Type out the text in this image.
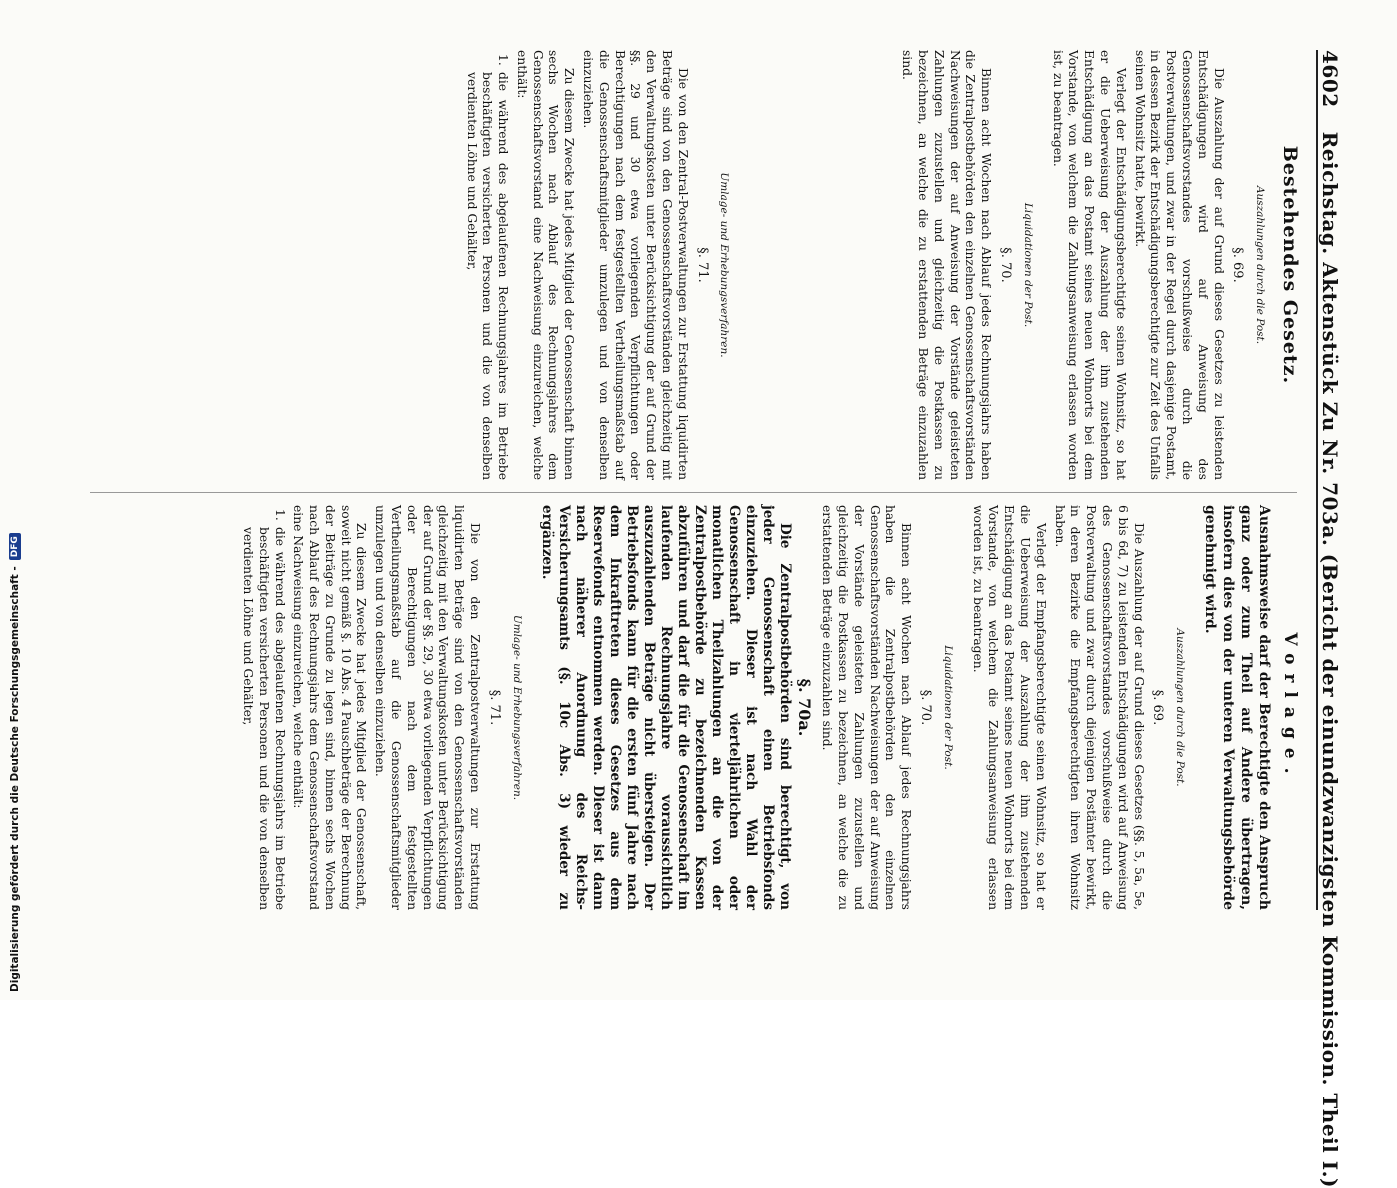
4602
Reichstag. Aktenstück Zu Nr. 703a. (Bericht der einundzwanzigsten Kommission. Theil I.)
Bestehendes Gesetz.
Auszahlungen durch die Post.
§. 69.

Die Auszahlung der auf Grund dieses Gesetzes zu leistenden Entschädigungen wird auf Anweisung des Genossenschaftsvorstandes vorschußweise durch die Postverwaltungen, und zwar in der Regel durch dasjenige Postamt, in dessen Bezirk der Entschädigungsberechtigte zur Zeit des Unfalls seinen Wohnsitz hatte, bewirkt.

Verlegt der Entschädigungsberechtigte seinen Wohnsitz, so hat er die Ueberweisung der Auszahlung der ihm zustehenden Entschädigung an das Postamt seines neuen Wohnorts bei dem Vorstande, von welchem die Zahlungsanweisung erlassen worden ist, zu beantragen.

Liquidationen der Post.
§. 70.

Binnen acht Wochen nach Ablauf jedes Rechnungsjahrs haben die Zentralpostbehörden den einzelnen Genossenschaftsvorständen Nachweisungen der auf Anweisung der Vorstände geleisteten Zahlungen zuzustellen und gleichzeitig die Postkassen zu bezeichnen, an welche die zu erstattenden Beträge einzuzahlen sind.

Umlage- und Erhebungsverfahren.
§. 71.

Die von den Zentral-Postverwaltungen zur Erstattung liquidirten Beträge sind von den Genossenschaftsvorständen gleichzeitig mit den Verwaltungskosten unter Berücksichtigung der auf Grund der §§. 29 und 30 etwa vorliegenden Verpflichtungen oder Berechtigungen nach dem festgestellten Vertheilungsmaßstab auf die Genossenschaftsmitglieder umzulegen und von denselben einzuziehen.

Zu diesem Zwecke hat jedes Mitglied der Genossenschaft binnen sechs Wochen nach Ablauf des Rechnungsjahres dem Genossenschaftsvorstand eine Nachweisung einzureichen, welche enthält:

1.
die während des abgelaufenen Rechnungsjahres im Betriebe beschäftigten versicherten Personen und die von denselben verdienten Löhne und Gehälter,

Vorlage.
Ausnahmsweise darf der Berechtigte den Anspruch ganz oder zum Theil auf Andere übertragen, insofern dies von der unteren Verwaltungsbehörde genehmigt wird.
Auszahlungen durch die Post.
§. 69.

Die Auszahlung der auf Grund dieses Gesetzes (§§. 5, 5a, 5e, 6 bis 6d, 7) zu leistenden Entschädigungen wird auf Anweisung des Genossenschaftsvorstandes vorschußweise durch die Postverwaltung und zwar durch diejenigen Postämter bewirkt, in deren Bezirke die Empfangsberechtigten ihren Wohnsitz haben.

Verlegt der Empfangsberechtigte seinen Wohnsitz, so hat er die Ueberweisung der Auszahlung der ihm zustehenden Entschädigung an das Postamt seines neuen Wohnorts bei dem Vorstande, von welchem die Zahlungsanweisung erlassen worden ist, zu beantragen.

Liquidationen der Post.
§. 70.

Binnen acht Wochen nach Ablauf jedes Rechnungsjahrs haben die Zentralpostbehörden den einzelnen Genossenschaftsvorständen Nachweisungen der auf Anweisung der Vorstände geleisteten Zahlungen zuzustellen und gleichzeitig die Postkassen zu bezeichnen, an welche die zu erstattenden Beträge einzuzahlen sind.

§. 70a.

Die Zentralpostbehörden sind berechtigt, von jeder Genossenschaft einen Betriebsfonds einzuziehen. Dieser ist nach Wahl der Genossenschaft in vierteljährlichen oder monatlichen Theilzahlungen an die von der Zentralpostbehörde zu bezeichnenden Kassen abzuführen und darf die für die Genossenschaft im laufenden Rechnungsjahre voraussichtlich auszuzahlenden Beträge nicht übersteigen. Der Betriebsfonds kann für die ersten fünf Jahre nach dem Inkrafttreten dieses Gesetzes aus dem Reservefonds entnommen werden. Dieser ist dann nach näherer Anordnung des Reichs-Versicherungsamts (§. 10c Abs. 3) wieder zu ergänzen.

Umlage- und Erhebungsverfahren.
§. 71.

Die von den Zentralpostverwaltungen zur Erstattung liquidirten Beträge sind von den Genossenschaftsvorständen gleichzeitig mit den Verwaltungskosten unter Berücksichtigung der auf Grund der §§. 29, 30 etwa vorliegenden Verpflichtungen oder Berechtigungen nach dem festgestellten Vertheilungsmaßstab auf die Genossenschaftsmitglieder umzulegen und von denselben einzuziehen.

Zu diesem Zwecke hat jedes Mitglied der Genossenschaft, soweit nicht gemäß §. 10 Abs. 4 Pauschbeträge der Berechnung der Beiträge zu Grunde zu legen sind, binnen sechs Wochen nach Ablauf des Rechnungsjahrs dem Genossenschaftsvorstand eine Nachweisung einzureichen, welche enthält:

1.
die während des abgelaufenen Rechnungsjahrs im Betriebe beschäftigten versicherten Personen und die von denselben verdienten Löhne und Gehälter,

Digitalisierung gefördert durch die Deutsche Forschungsgemeinschaft -
DFG
